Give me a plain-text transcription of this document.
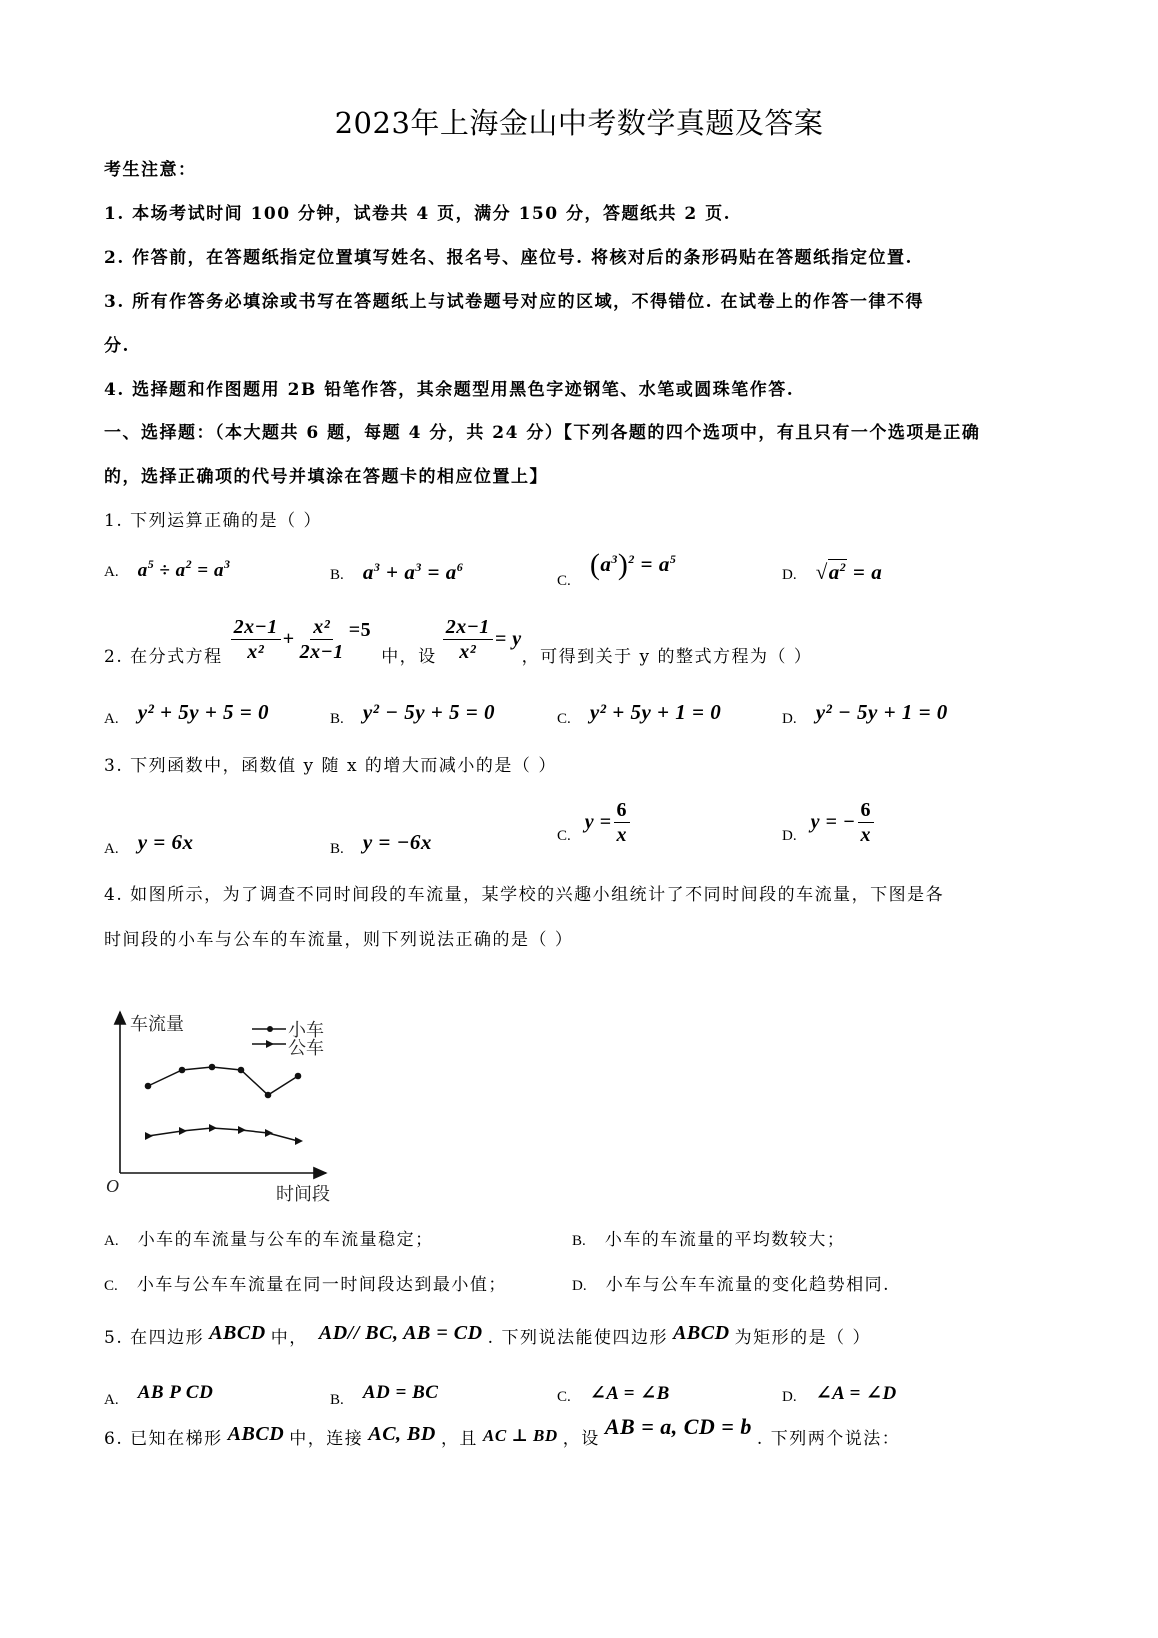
2023年上海金山中考数学真题及答案
考生注意：
1. 本场考试时间 100 分钟，试卷共 4 页，满分 150 分，答题纸共 2 页.
2. 作答前，在答题纸指定位置填写姓名、报名号、座位号. 将核对后的条形码贴在答题纸指定位置.
3. 所有作答务必填涂或书写在答题纸上与试卷题号对应的区域，不得错位. 在试卷上的作答一律不得
分.
4. 选择题和作图题用 2B 铅笔作答，其余题型用黑色字迹钢笔、水笔或圆珠笔作答.
一、选择题：（本大题共 6 题，每题 4 分，共 24 分）【下列各题的四个选项中，有且只有一个选项是正确
的，选择正确项的代号并填涂在答题卡的相应位置上】
1. 下列运算正确的是（ ）
A. $a^5 \div a^2 = a^3$
B. $a^3 + a^3 = a^6$
C. $(a^3)^2 = a^5$
D. $√a^2 = a$
2. 在分式方程 $\frac{2x-1}{\text{x²}} + \frac{\text{x²}}{2x-1} =5$
中，设 $\frac{2x-1}{\text{x²}} = y$
，可得到关于 y 的整式方程为（ ）
A. y² + 5y + 5 = 0	B. y² − 5y + 5 = 0	C. y² + 5y + 1 = 0	D. y² − 5y + 1 = 0
3. 下列函数中，函数值 y 随 x 的增大而减小的是（ ）
A. y = 6x	B. y = −6x	C.
$y = \frac{6}{x}$	D.
y = − $\frac{6}{x}$
4. 如图所示，为了调查不同时间段的车流量，某学校的兴趣小组统计了不同时间段的车流量，下图是各
时间段的小车与公车的车流量，则下列说法正确的是（ ）
O
车流量
时间段
小车
公车
A. 小车的车流量与公车的车流量稳定；	B. 小车的车流量的平均数较大；
C. 小车与公车车流量在同一时间段达到最小值；	D. 小车与公车车流量的变化趋势相同.
5. 在四边形 ABCD 中， AD// BC, AB = CD . 下列说法能使四边形 ABCD 为矩形的是（ ）
A. AB P CD	B. AD = BC	C. ∠A = ∠B	D. ∠A = ∠D
6. 已知在梯形 ABCD 中，连接 AC, BD ，且 AC ⊥ BD ，设 AB = a, CD = b . 下列两个说法：
